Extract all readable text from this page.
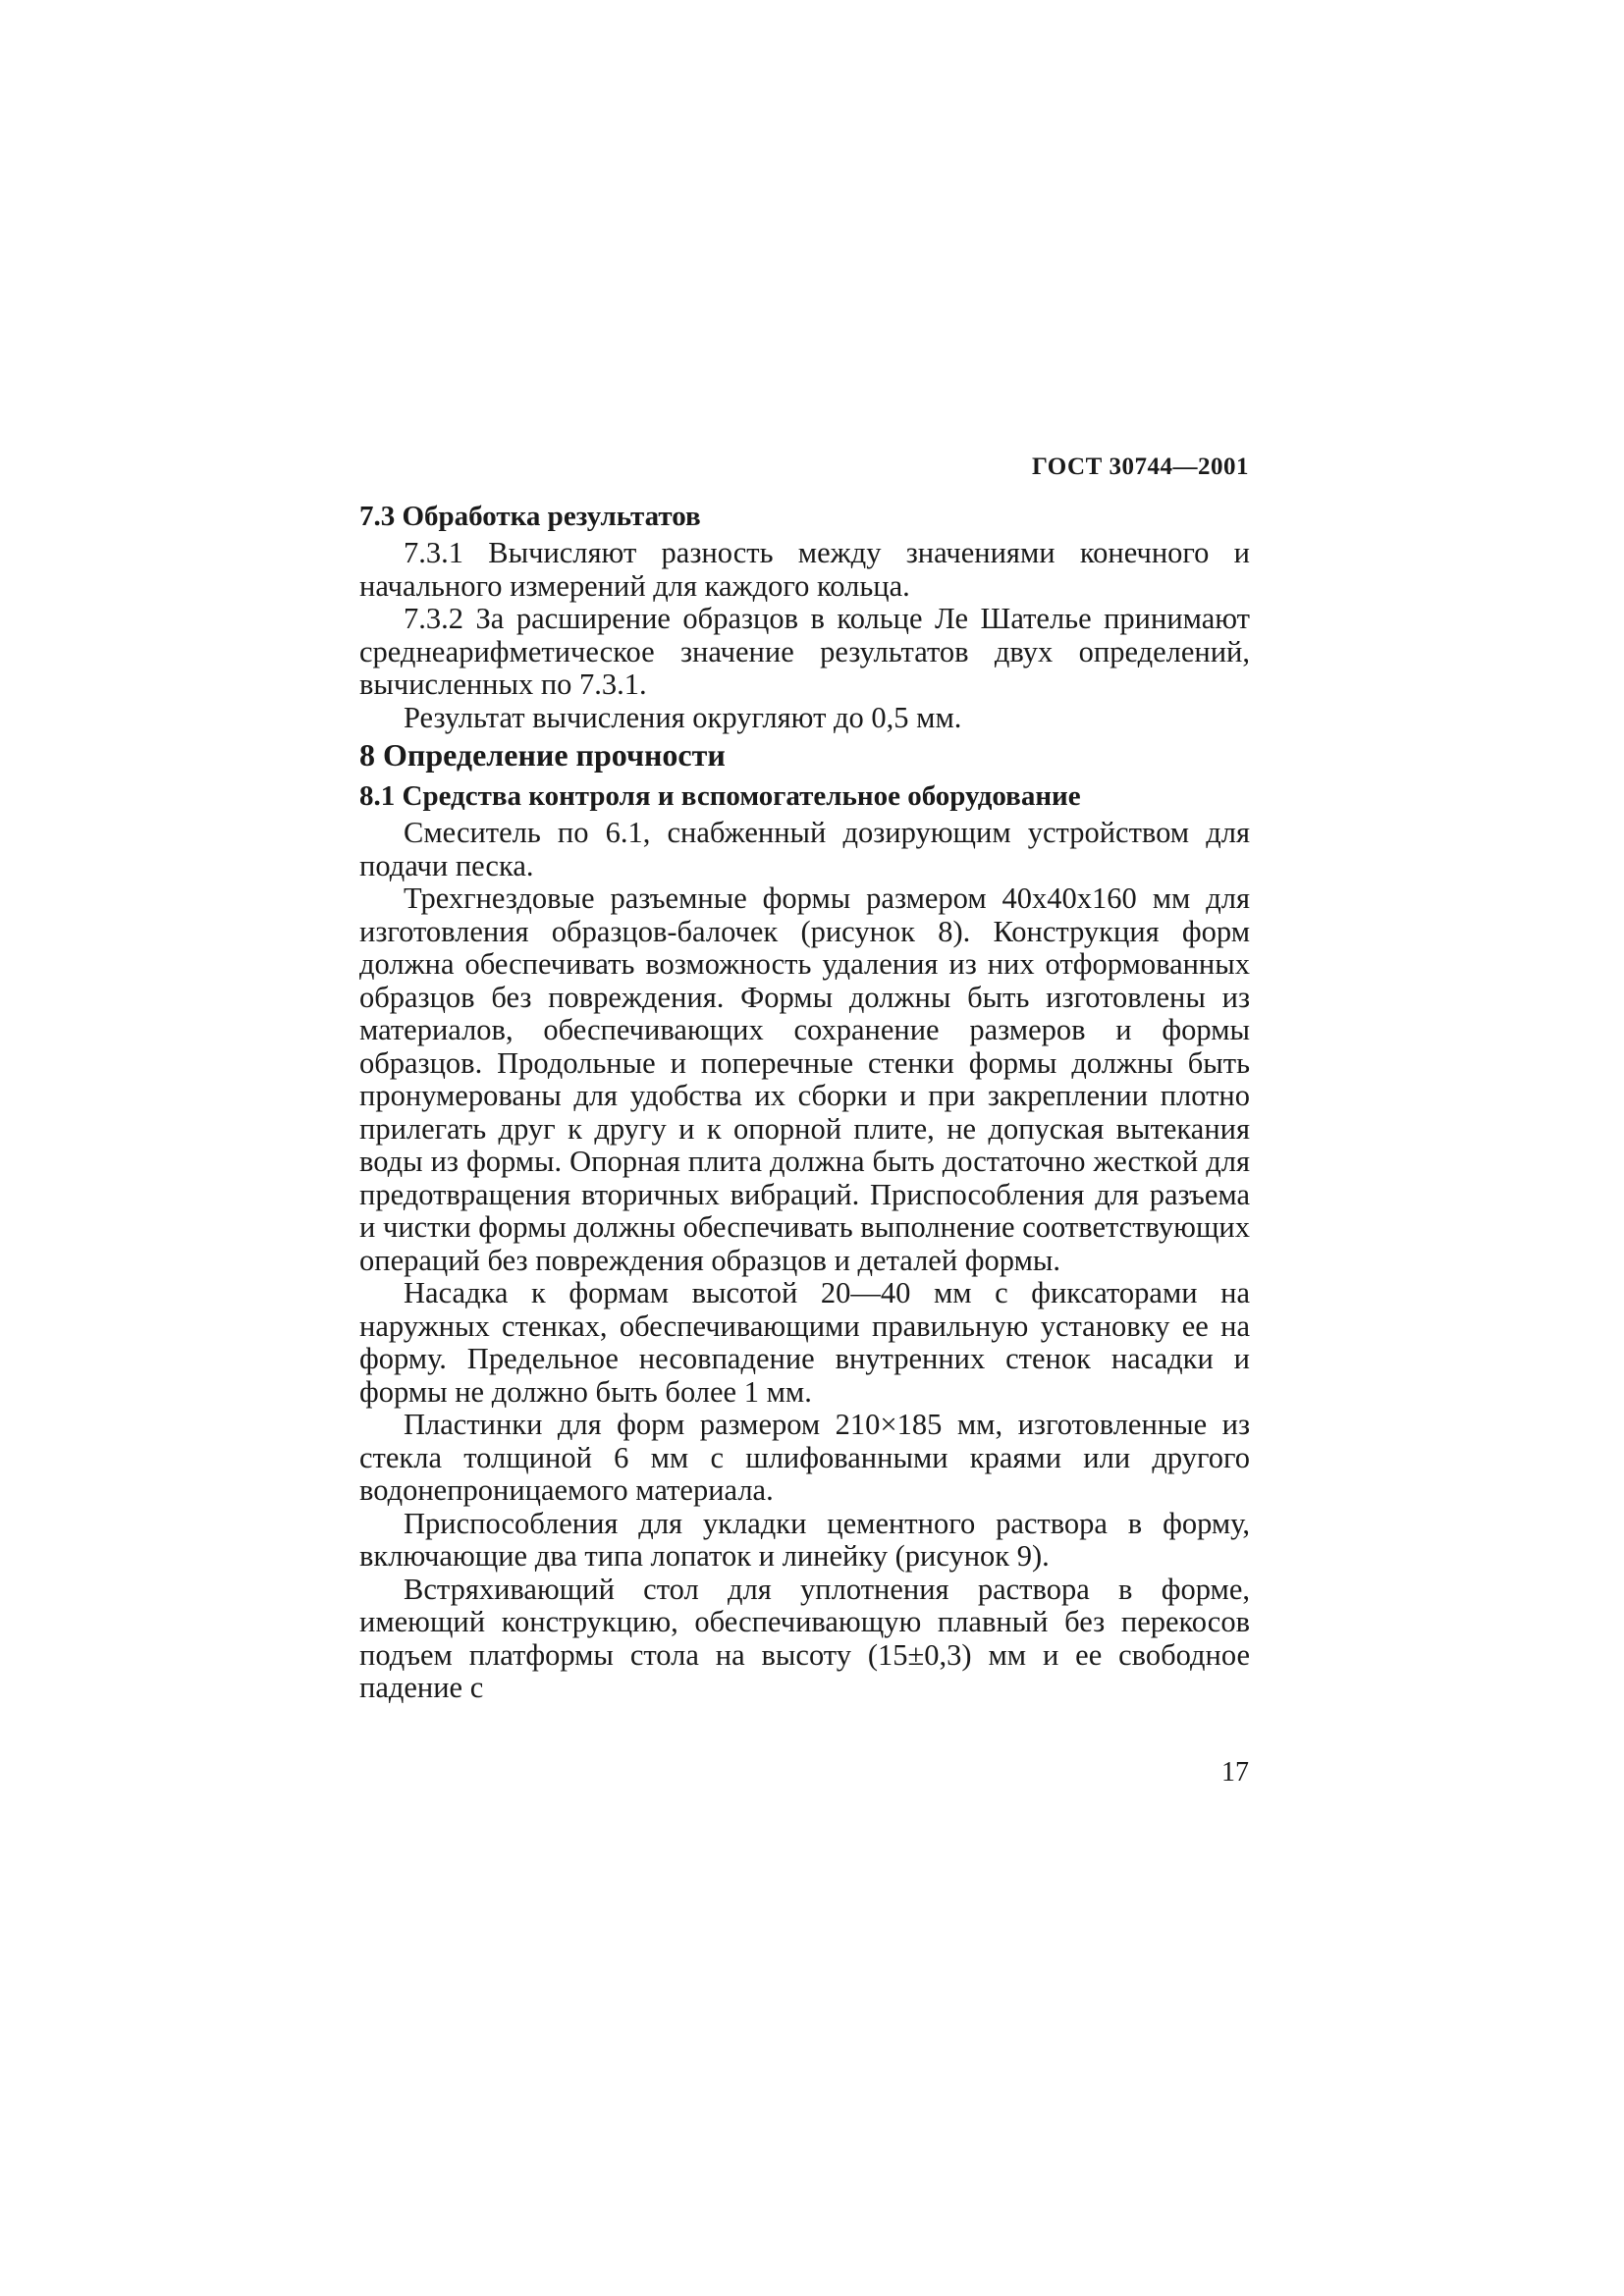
ГОСТ 30744—2001
7.3 Обработка результатов

7.3.1 Вычисляют разность между значениями конечного и начального измерений для каждого кольца.

7.3.2 За расширение образцов в кольце Ле Шателье принимают среднеарифметическое значение результатов двух определений, вычисленных по 7.3.1.

Результат вычисления округляют до 0,5 мм.

8 Определение прочности
8.1 Средства контроля и вспомогательное оборудование

Смеситель по 6.1, снабженный дозирующим устройством для подачи песка.

Трехгнездовые разъемные формы размером 40x40x160 мм для изготовления образцов-балочек (рисунок 8). Конструкция форм должна обеспечивать возможность удаления из них отформованных образцов без повреждения. Формы должны быть изготовлены из материалов, обеспечивающих сохранение размеров и формы образцов. Продольные и поперечные стенки формы должны быть пронумерованы для удобства их сборки и при закреплении плотно прилегать друг к другу и к опорной плите, не допуская вытекания воды из формы. Опорная плита должна быть достаточно жесткой для предотвращения вторичных вибраций. Приспособления для разъема и чистки формы должны обеспечивать выполнение соответствующих операций без повреждения образцов и деталей формы.

Насадка к формам высотой 20—40 мм с фиксаторами на наружных стенках, обеспечивающими правильную установку ее на форму. Предельное несовпадение внутренних стенок насадки и формы не должно быть более 1 мм.

Пластинки для форм размером 210×185 мм, изготовленные из стекла толщиной 6 мм с шлифованными краями или другого водонепроницаемого материала.

Приспособления для укладки цементного раствора в форму, включающие два типа лопаток и линейку (рисунок 9).

Встряхивающий стол для уплотнения раствора в форме, имеющий конструкцию, обеспечивающую плавный без перекосов подъем платформы стола на высоту (15±0,3) мм и ее свободное падение с

17
